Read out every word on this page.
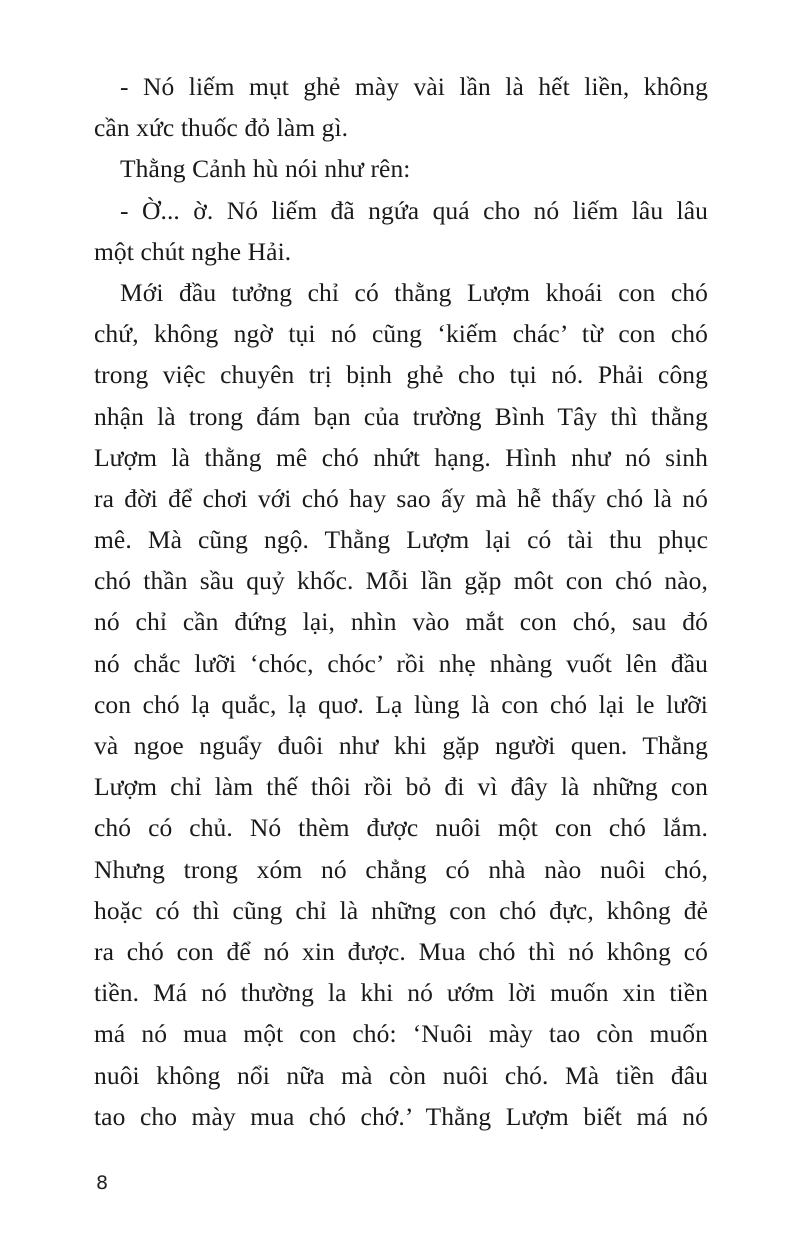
- Nó liếm mụt ghẻ mày vài lần là hết liền, không
cần xức thuốc đỏ làm gì.
Thằng Cảnh hù nói như rên:
- Ờ... ờ. Nó liếm đã ngứa quá cho nó liếm lâu lâu
một chút nghe Hải.
Mới đầu tưởng chỉ có thằng Lượm khoái con chó
chứ, không ngờ tụi nó cũng ‘kiếm chác’ từ con chó
trong việc chuyên trị bịnh ghẻ cho tụi nó. Phải công
nhận là trong đám bạn của trường Bình Tây thì thằng
Lượm là thằng mê chó nhứt hạng. Hình như nó sinh
ra đời để chơi với chó hay sao ấy mà hễ thấy chó là nó
mê. Mà cũng ngộ. Thằng Lượm lại có tài thu phục
chó thần sầu quỷ khốc. Mỗi lần gặp môt con chó nào,
nó chỉ cần đứng lại, nhìn vào mắt con chó, sau đó
nó chắc lưỡi ‘chóc, chóc’ rồi nhẹ nhàng vuốt lên đầu
con chó lạ quắc, lạ quơ. Lạ lùng là con chó lại le lưỡi
và ngoe nguẩy đuôi như khi gặp người quen. Thằng
Lượm chỉ làm thế thôi rồi bỏ đi vì đây là những con
chó có chủ. Nó thèm được nuôi một con chó lắm.
Nhưng trong xóm nó chẳng có nhà nào nuôi chó,
hoặc có thì cũng chỉ là những con chó đực, không đẻ
ra chó con để nó xin được. Mua chó thì nó không có
tiền. Má nó thường la khi nó ướm lời muốn xin tiền
má nó mua một con chó: ‘Nuôi mày tao còn muốn
nuôi không nổi nữa mà còn nuôi chó. Mà tiền đâu
tao cho mày mua chó chớ.’ Thằng Lượm biết má nó
8
